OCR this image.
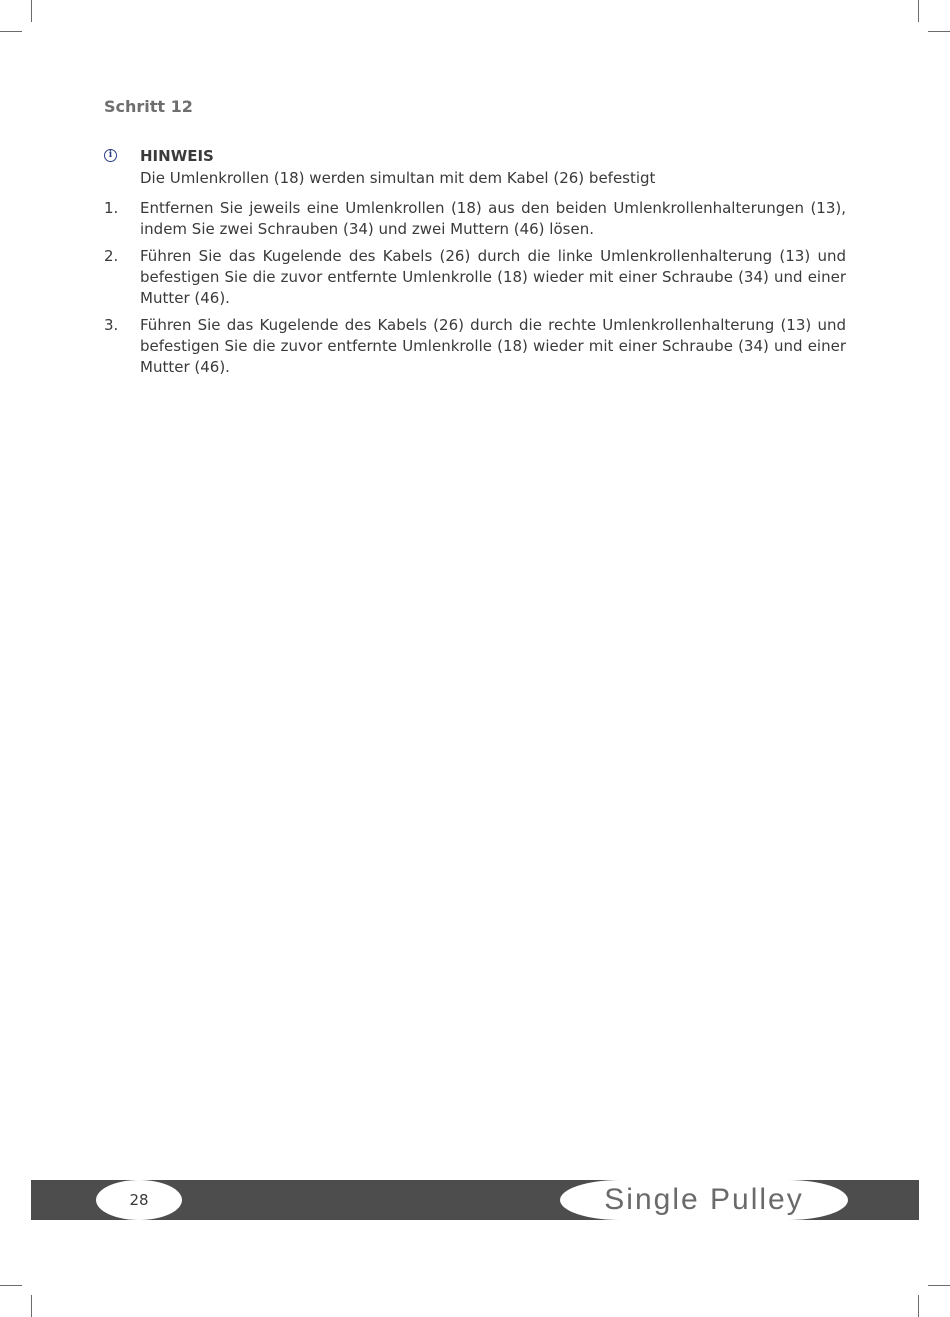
Schritt 12
i	HINWEIS
Die Umlenkrollen (18) werden simultan mit dem Kabel (26) befestigt
1. Entfernen Sie jeweils eine Umlenkrollen (18) aus den beiden Umlenkrollenhalterungen (13), indem Sie zwei Schrauben (34) und zwei Muttern (46) lösen.
2. Führen Sie das Kugelende des Kabels (26) durch die linke Umlenkrollenhalterung (13) und befestigen Sie die zuvor entfernte Umlenkrolle (18) wieder mit einer Schraube (34) und einer Mutter (46).
3. Führen Sie das Kugelende des Kabels (26) durch die rechte Umlenkrollenhalterung (13) und befestigen Sie die zuvor entfernte Umlenkrolle (18) wieder mit einer Schraube (34) und einer Mutter (46).
28	Single Pulley
